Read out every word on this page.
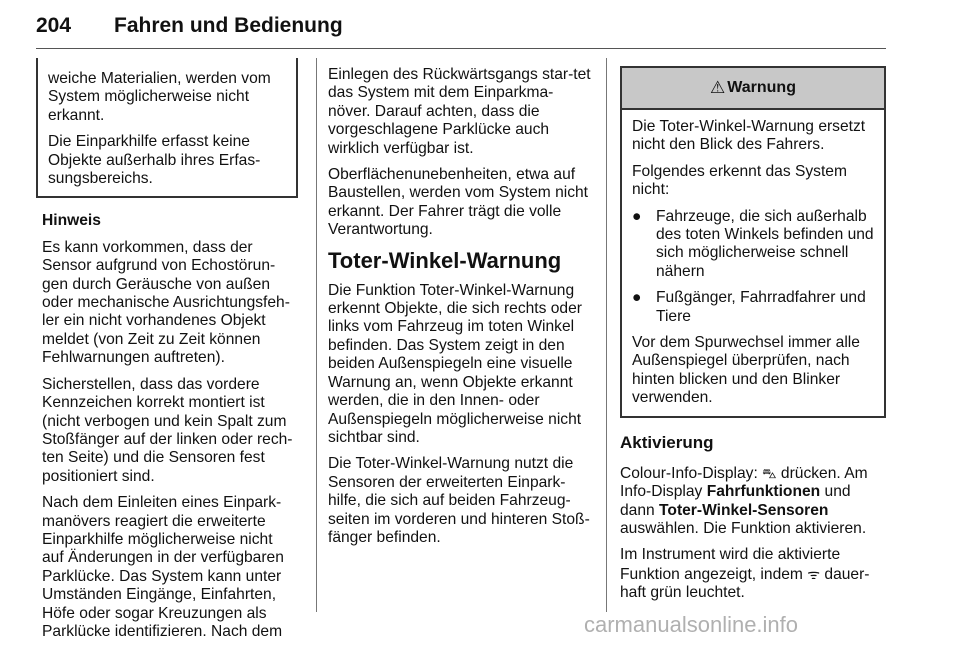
204 Fahren und Bedienung

weiche Materialien, werden vom System möglicherweise nicht erkannt.

Die Einparkhilfe erfasst keine Objekte außerhalb ihres Erfas-sungsbereichs.

Hinweis

Es kann vorkommen, dass der Sensor aufgrund von Echostörun-gen durch Geräusche von außen oder mechanische Ausrichtungsfeh-ler ein nicht vorhandenes Objekt meldet (von Zeit zu Zeit können Fehlwarnungen auftreten).

Sicherstellen, dass das vordere Kennzeichen korrekt montiert ist (nicht verbogen und kein Spalt zum Stoßfänger auf der linken oder rech-ten Seite) und die Sensoren fest positioniert sind.

Nach dem Einleiten eines Einpark-manövers reagiert die erweiterte Einparkhilfe möglicherweise nicht auf Änderungen in der verfügbaren Parklücke. Das System kann unter Umständen Eingänge, Einfahrten, Höfe oder sogar Kreuzungen als Parklücke identifizieren. Nach dem

Einlegen des Rückwärtsgangs star-tet das System mit dem Einparkma-növer. Darauf achten, dass die vorgeschlagene Parklücke auch wirklich verfügbar ist.

Oberflächenunebenheiten, etwa auf Baustellen, werden vom System nicht erkannt. Der Fahrer trägt die volle Verantwortung.

Toter-Winkel-Warnung

Die Funktion Toter-Winkel-Warnung erkennt Objekte, die sich rechts oder links vom Fahrzeug im toten Winkel befinden. Das System zeigt in den beiden Außenspiegeln eine visuelle Warnung an, wenn Objekte erkannt werden, die in den Innen- oder Außenspiegeln möglicherweise nicht sichtbar sind.

Die Toter-Winkel-Warnung nutzt die Sensoren der erweiterten Einpark-hilfe, die sich auf beiden Fahrzeug-seiten im vorderen und hinteren Stoß-fänger befinden.

⚠ Warnung

Die Toter-Winkel-Warnung ersetzt nicht den Blick des Fahrers.

Folgendes erkennt das System nicht:

● Fahrzeuge, die sich außerhalb des toten Winkels befinden und sich möglicherweise schnell nähern
● Fußgänger, Fahrradfahrer und Tiere

Vor dem Spurwechsel immer alle Außenspiegel überprüfen, nach hinten blicken und den Blinker verwenden.

Aktivierung

Colour-Info-Display: ⛍ drücken. Am Info-Display Fahrfunktionen und dann Toter-Winkel-Sensoren auswählen. Die Funktion aktivieren.

Im Instrument wird die aktivierte Funktion angezeigt, indem ᯤ dauer-haft grün leuchtet.

carmanualsonline.info
